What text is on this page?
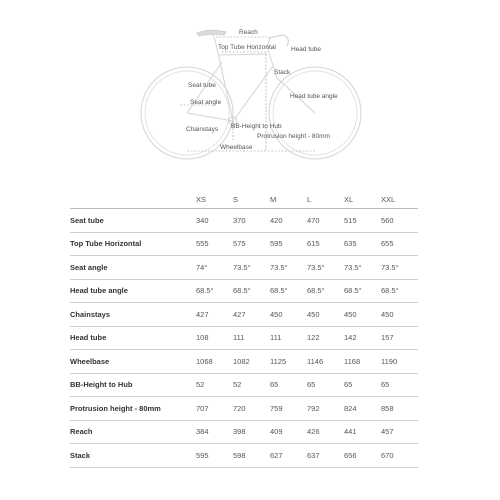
Reach
Top Tube Horizontal Head tube
Stack
Seat tube
Seat angle
Head tube angle
Chainstays BB-Height to Hub
Protrusion height - 80mm
Wheelbase
	XS	S	M	L	XL	XXL
Seat tube	340	370	420	470	515	560
Top Tube Horizontal	555	575	595	615	635	655
Seat angle	74°	73.5°	73.5°	73.5°	73.5°	73.5°
Head tube angle	68.5°	68.5°	68.5°	68.5°	68.5°	68.5°
Chainstays	427	427	450	450	450	450
Head tube	108	111	111	122	142	157
Wheelbase	1068	1082	1125	1146	1168	1190
BB-Height to Hub	52	52	65	65	65	65
Protrusion height - 80mm	707	720	759	792	824	858
Reach	384	398	409	426	441	457
Stack	595	598	627	637	656	670
